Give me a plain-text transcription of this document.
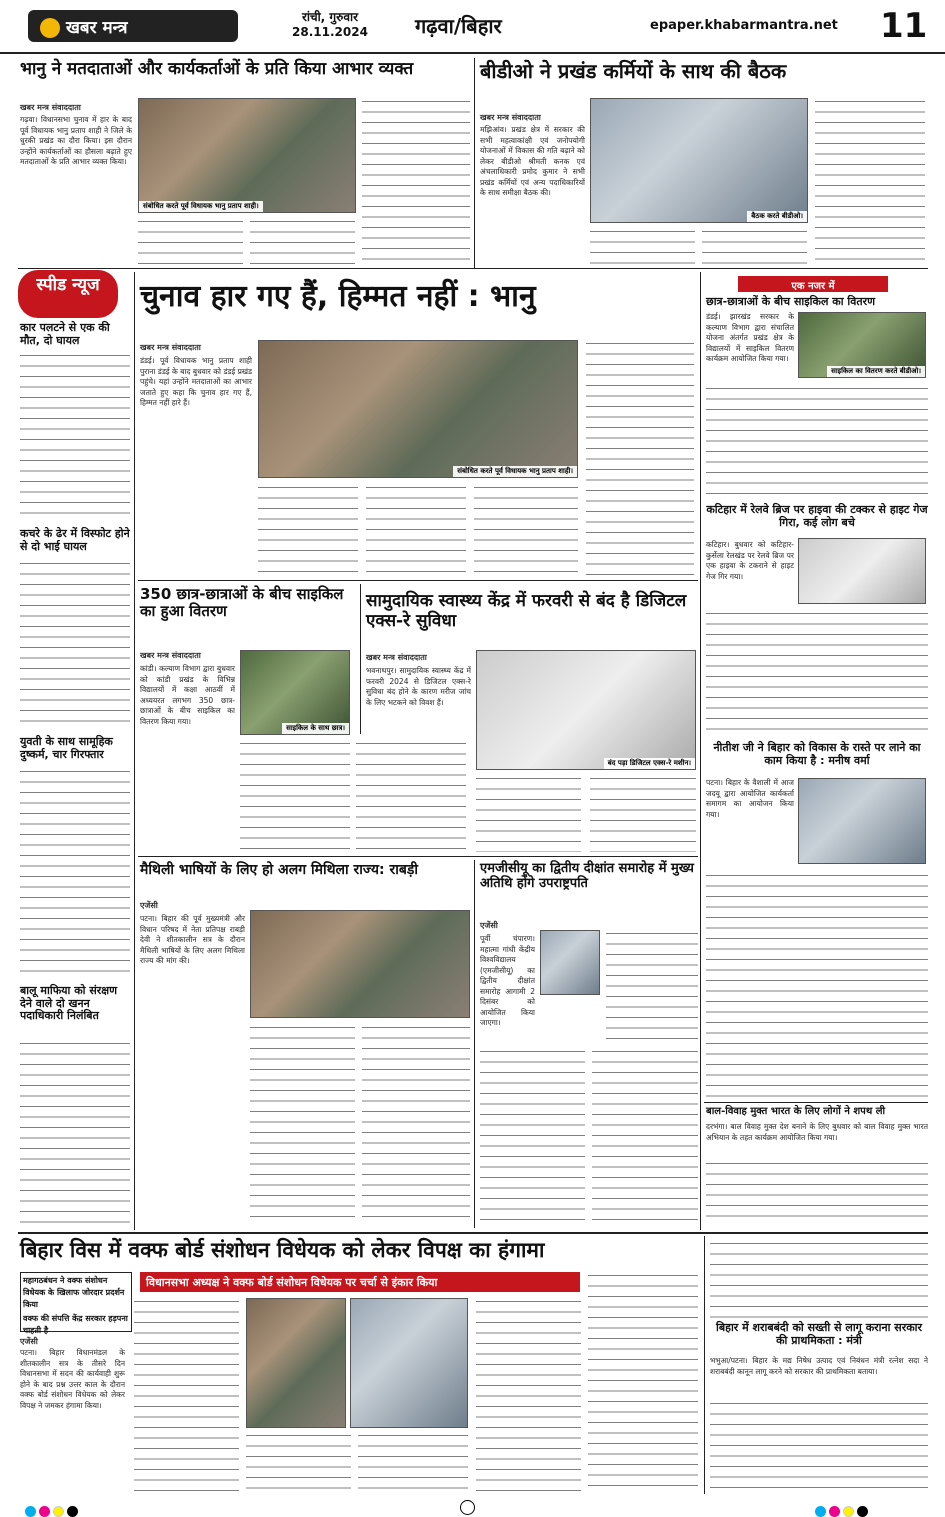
खबर मन्त्र
रांची, गुरुवार
28.11.2024	गढ़वा/बिहार	epaper.khabarmantra.net 11
भानु ने मतदाताओं और कार्यकर्ताओं के प्रति किया आभार व्यक्त
खबर मन्त्र संवाददाता
गढ़वा। विधानसभा चुनाव में हार के बाद पूर्व विधायक भानु प्रताप शाही ने जिले के धुरकी प्रखंड का दौरा किया। इस दौरान उन्होंने कार्यकर्ताओं का हौसला बढ़ाते हुए मतदाताओं के प्रति आभार व्यक्त किया।
संबोधित करते पूर्व विधायक भानु प्रताप शाही।
बीडीओ ने प्रखंड कर्मियों के साथ की बैठक
खबर मन्त्र संवाददाता
मझिआंव। प्रखंड क्षेत्र में सरकार की सभी महत्वाकांक्षी एवं जनोपयोगी योजनाओं में विकास की गति बढ़ाने को लेकर बीडीओ श्रीमती कनक एवं अंचलाधिकारी प्रमोद कुमार ने सभी प्रखंड कर्मियों एवं अन्य पदाधिकारियों के साथ समीक्षा बैठक की।
बैठक करते बीडीओ।
स्पीड न्यूज
कार पलटने से एक की मौत, दो घायल
कचरे के ढेर में विस्फोट होने से दो भाई घायल
युवती के साथ सामूहिक दुष्कर्म, चार गिरफ्तार
बालू माफिया को संरक्षण देने वाले दो खनन पदाधिकारी निलंबित
चुनाव हार गए हैं, हिम्मत नहीं : भानु
खबर मन्त्र संवाददाता
डंडई। पूर्व विधायक भानु प्रताप शाही पुराना डंडई के बाद बुधवार को डंडई प्रखंड पहुंचे। यहां उन्होंने मतदाताओं का आभार जताते हुए कहा कि चुनाव हार गए हैं, हिम्मत नहीं हारे हैं।
संबोधित करते पूर्व विधायक भानु प्रताप शाही।
एक नजर में
छात्र-छात्राओं के बीच साइकिल का वितरण
डंडई। झारखंड सरकार के कल्याण विभाग द्वारा संचालित योजना अंतर्गत प्रखंड क्षेत्र के विद्यालयों में साइकिल वितरण कार्यक्रम आयोजित किया गया।
साइकिल का वितरण करते बीडीओ।
कटिहार में रेलवे ब्रिज पर हाइवा की टक्कर से हाइट गेज गिरा, कई लोग बचे
कटिहार। बुधवार को कटिहार-कुर्सेला रेलखंड पर रेलवे ब्रिज पर एक हाइवा के टकराने से हाइट गेज गिर गया।
नीतीश जी ने बिहार को विकास के रास्ते पर लाने का काम किया है : मनीष वर्मा
पटना। बिहार के वैशाली में आज जदयू द्वारा आयोजित कार्यकर्ता समागम का आयोजन किया गया।
बाल-विवाह मुक्त भारत के लिए लोगों ने शपथ ली
दरभंगा। बाल विवाह मुक्त देश बनाने के लिए बुधवार को बाल विवाह मुक्त भारत अभियान के तहत कार्यक्रम आयोजित किया गया।
350 छात्र-छात्राओं के बीच साइकिल का हुआ वितरण
खबर मन्त्र संवाददाता
कांडी। कल्याण विभाग द्वारा बुधवार को कांडी प्रखंड के विभिन्न विद्यालयों में कक्षा आठवीं में अध्ययरत लगभग 350 छात्र-छात्राओं के बीच साइकिल का वितरण किया गया।
साइकिल के साथ छात्र।
सामुदायिक स्वास्थ्य केंद्र में फरवरी से बंद है डिजिटल एक्स-रे सुविधा
खबर मन्त्र संवाददाता
भवनाथपुर। सामुदायिक स्वास्थ्य केंद्र में फरवरी 2024 से डिजिटल एक्स-रे सुविधा बंद होने के कारण मरीज जांच के लिए भटकने को विवश हैं।
बंद पड़ा डिजिटल एक्स-रे मशीन।
मैथिली भाषियों के लिए हो अलग मिथिला राज्य: राबड़ी
एजेंसी
पटना। बिहार की पूर्व मुख्यमंत्री और विधान परिषद में नेता प्रतिपक्ष राबड़ी देवी ने शीतकालीन सत्र के दौरान मैथिली भाषियों के लिए अलग मिथिला राज्य की मांग की।
एमजीसीयू का द्वितीय दीक्षांत समारोह में मुख्य अतिथि होंगे उपराष्ट्रपति
एजेंसी
पूर्वी चंपारण। महात्मा गांधी केंद्रीय विश्वविद्यालय (एमजीसीयू) का द्वितीय दीक्षांत समारोह आगामी 2 दिसंबर को आयोजित किया जाएगा।
बिहार विस में वक्फ बोर्ड संशोधन विधेयक को लेकर विपक्ष का हंगामा
महागठबंधन ने वक्फ संशोधन विधेयक के खिलाफ जोरदार प्रदर्शन किया
वक्फ की संपत्ति केंद्र सरकार हड़पना चाहती है
विधानसभा अध्यक्ष ने वक्फ बोर्ड संशोधन विधेयक पर चर्चा से इंकार किया
एजेंसी
पटना। बिहार विधानमंडल के शीतकालीन सत्र के तीसरे दिन विधानसभा में सदन की कार्यवाही शुरू होने के बाद प्रश्न उत्तर काल के दौरान वक्फ बोर्ड संशोधन विधेयक को लेकर विपक्ष ने जमकर हंगामा किया।
बिहार में शराबबंदी को सख्ती से लागू कराना सरकार की प्राथमिकता : मंत्री
भभुआ/पटना। बिहार के मद्य निषेध उत्पाद एवं निबंधन मंत्री रत्नेश सदा ने शराबबंदी कानून लागू करने को सरकार की प्राथमिकता बताया।
